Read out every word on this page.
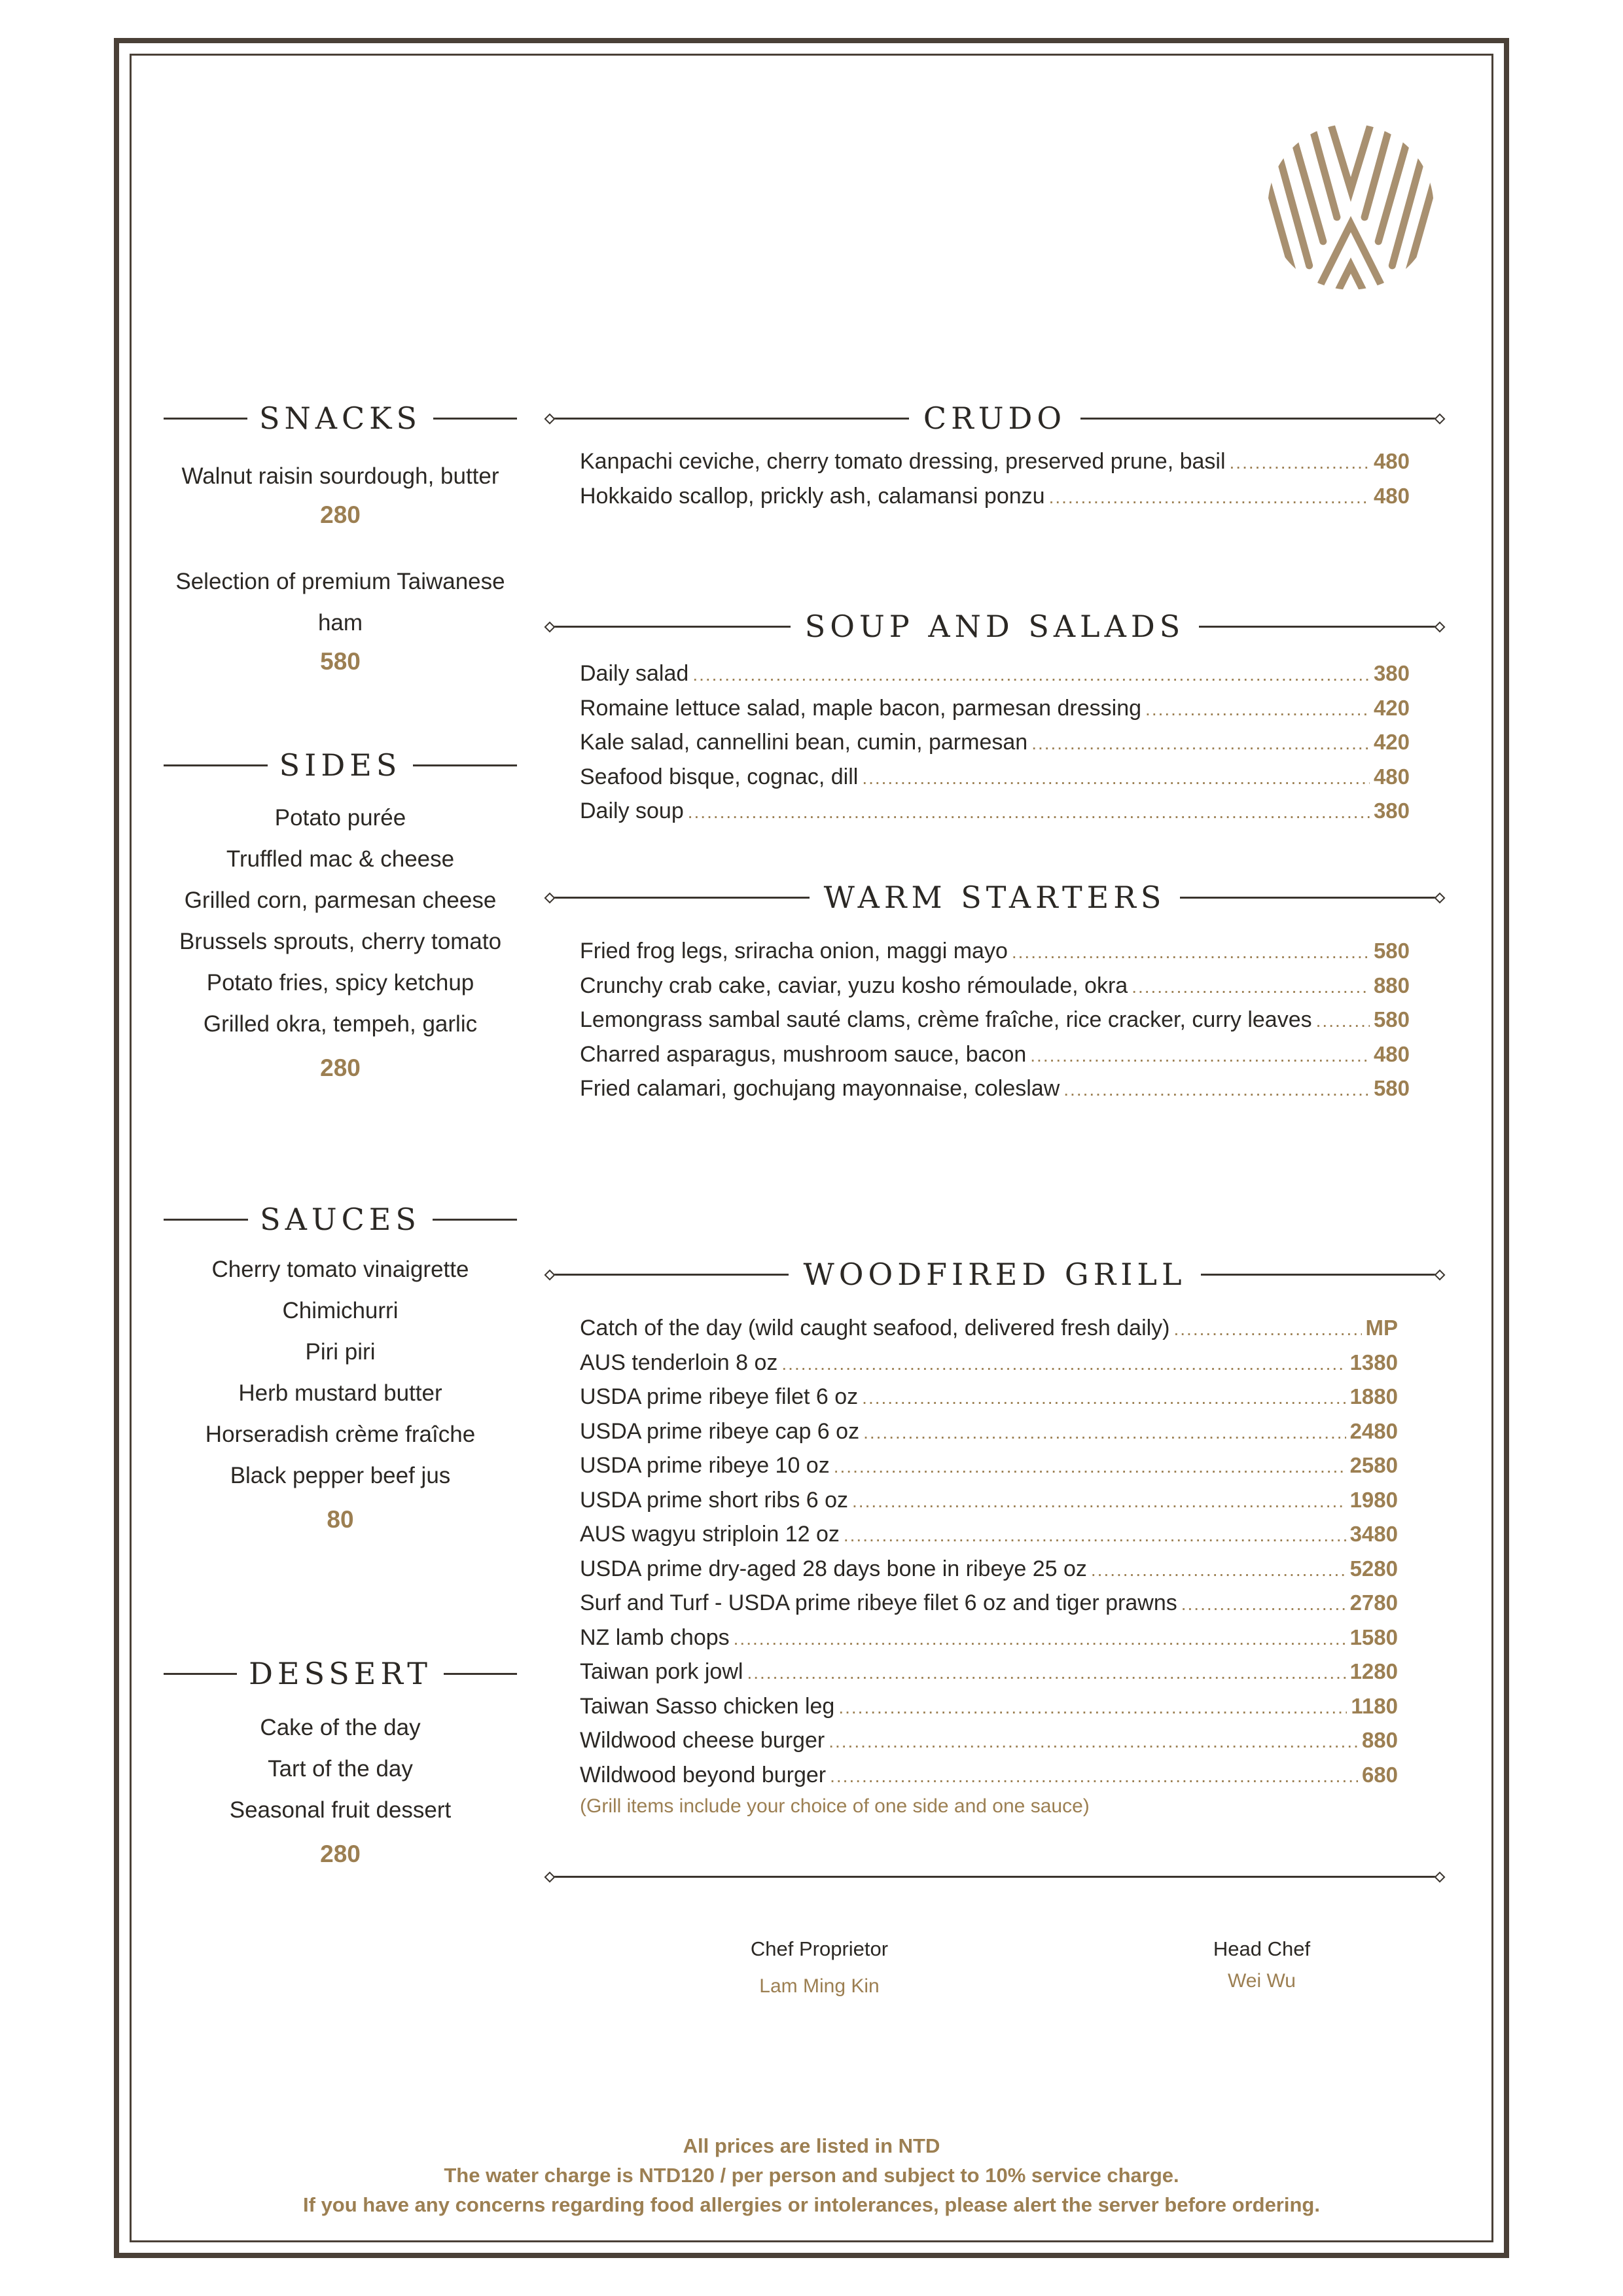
SNACKS
Walnut raisin sourdough, butter
280
Selection of premium Taiwanese ham
580
SIDES
Potato purée
Truffled mac & cheese
Grilled corn, parmesan cheese
Brussels sprouts, cherry tomato
Potato fries, spicy ketchup
Grilled okra, tempeh, garlic
280
SAUCES
Cherry tomato vinaigrette
Chimichurri
Piri piri
Herb mustard butter
Horseradish crème fraîche
Black pepper beef jus
80
DESSERT
Cake of the day
Tart of the day
Seasonal fruit dessert
280
CRUDO
Kanpachi ceviche, cherry tomato dressing, preserved prune, basil .....	480
Hokkaido scallop, prickly ash, calamansi ponzu .....	480
SOUP AND SALADS
Daily salad .....	380
Romaine lettuce salad, maple bacon, parmesan dressing .....	420
Kale salad, cannellini bean, cumin, parmesan .....	420
Seafood bisque, cognac, dill .....	480
Daily soup .....	380
WARM STARTERS
Fried frog legs, sriracha onion, maggi mayo .....	580
Crunchy crab cake, caviar, yuzu kosho rémoulade, okra .....	880
Lemongrass sambal sauté clams, crème fraîche, rice cracker, curry leaves .....	580
Charred asparagus, mushroom sauce, bacon .....	480
Fried calamari, gochujang mayonnaise, coleslaw .....	580
WOODFIRED GRILL
Catch of the day (wild caught seafood, delivered fresh daily) .....	MP
AUS tenderloin 8 oz .....	1380
USDA prime ribeye filet 6 oz .....	1880
USDA prime ribeye cap 6 oz .....	2480
USDA prime ribeye 10 oz .....	2580
USDA prime short ribs 6 oz .....	1980
AUS wagyu striploin 12 oz .....	3480
USDA prime dry-aged 28 days bone in ribeye 25 oz .....	5280
Surf and Turf - USDA prime ribeye filet 6 oz and tiger prawns .....	2780
NZ lamb chops .....	1580
Taiwan pork jowl .....	1280
Taiwan Sasso chicken leg .....	1180
Wildwood cheese burger .....	880
Wildwood beyond burger .....	680
(Grill items include your choice of one side and one sauce)
Chef Proprietor
Lam Ming Kin
Head Chef
Wei Wu
All prices are listed in NTD
The water charge is NTD120 / per person and subject to 10% service charge.
If you have any concerns regarding food allergies or intolerances, please alert the server before ordering.
